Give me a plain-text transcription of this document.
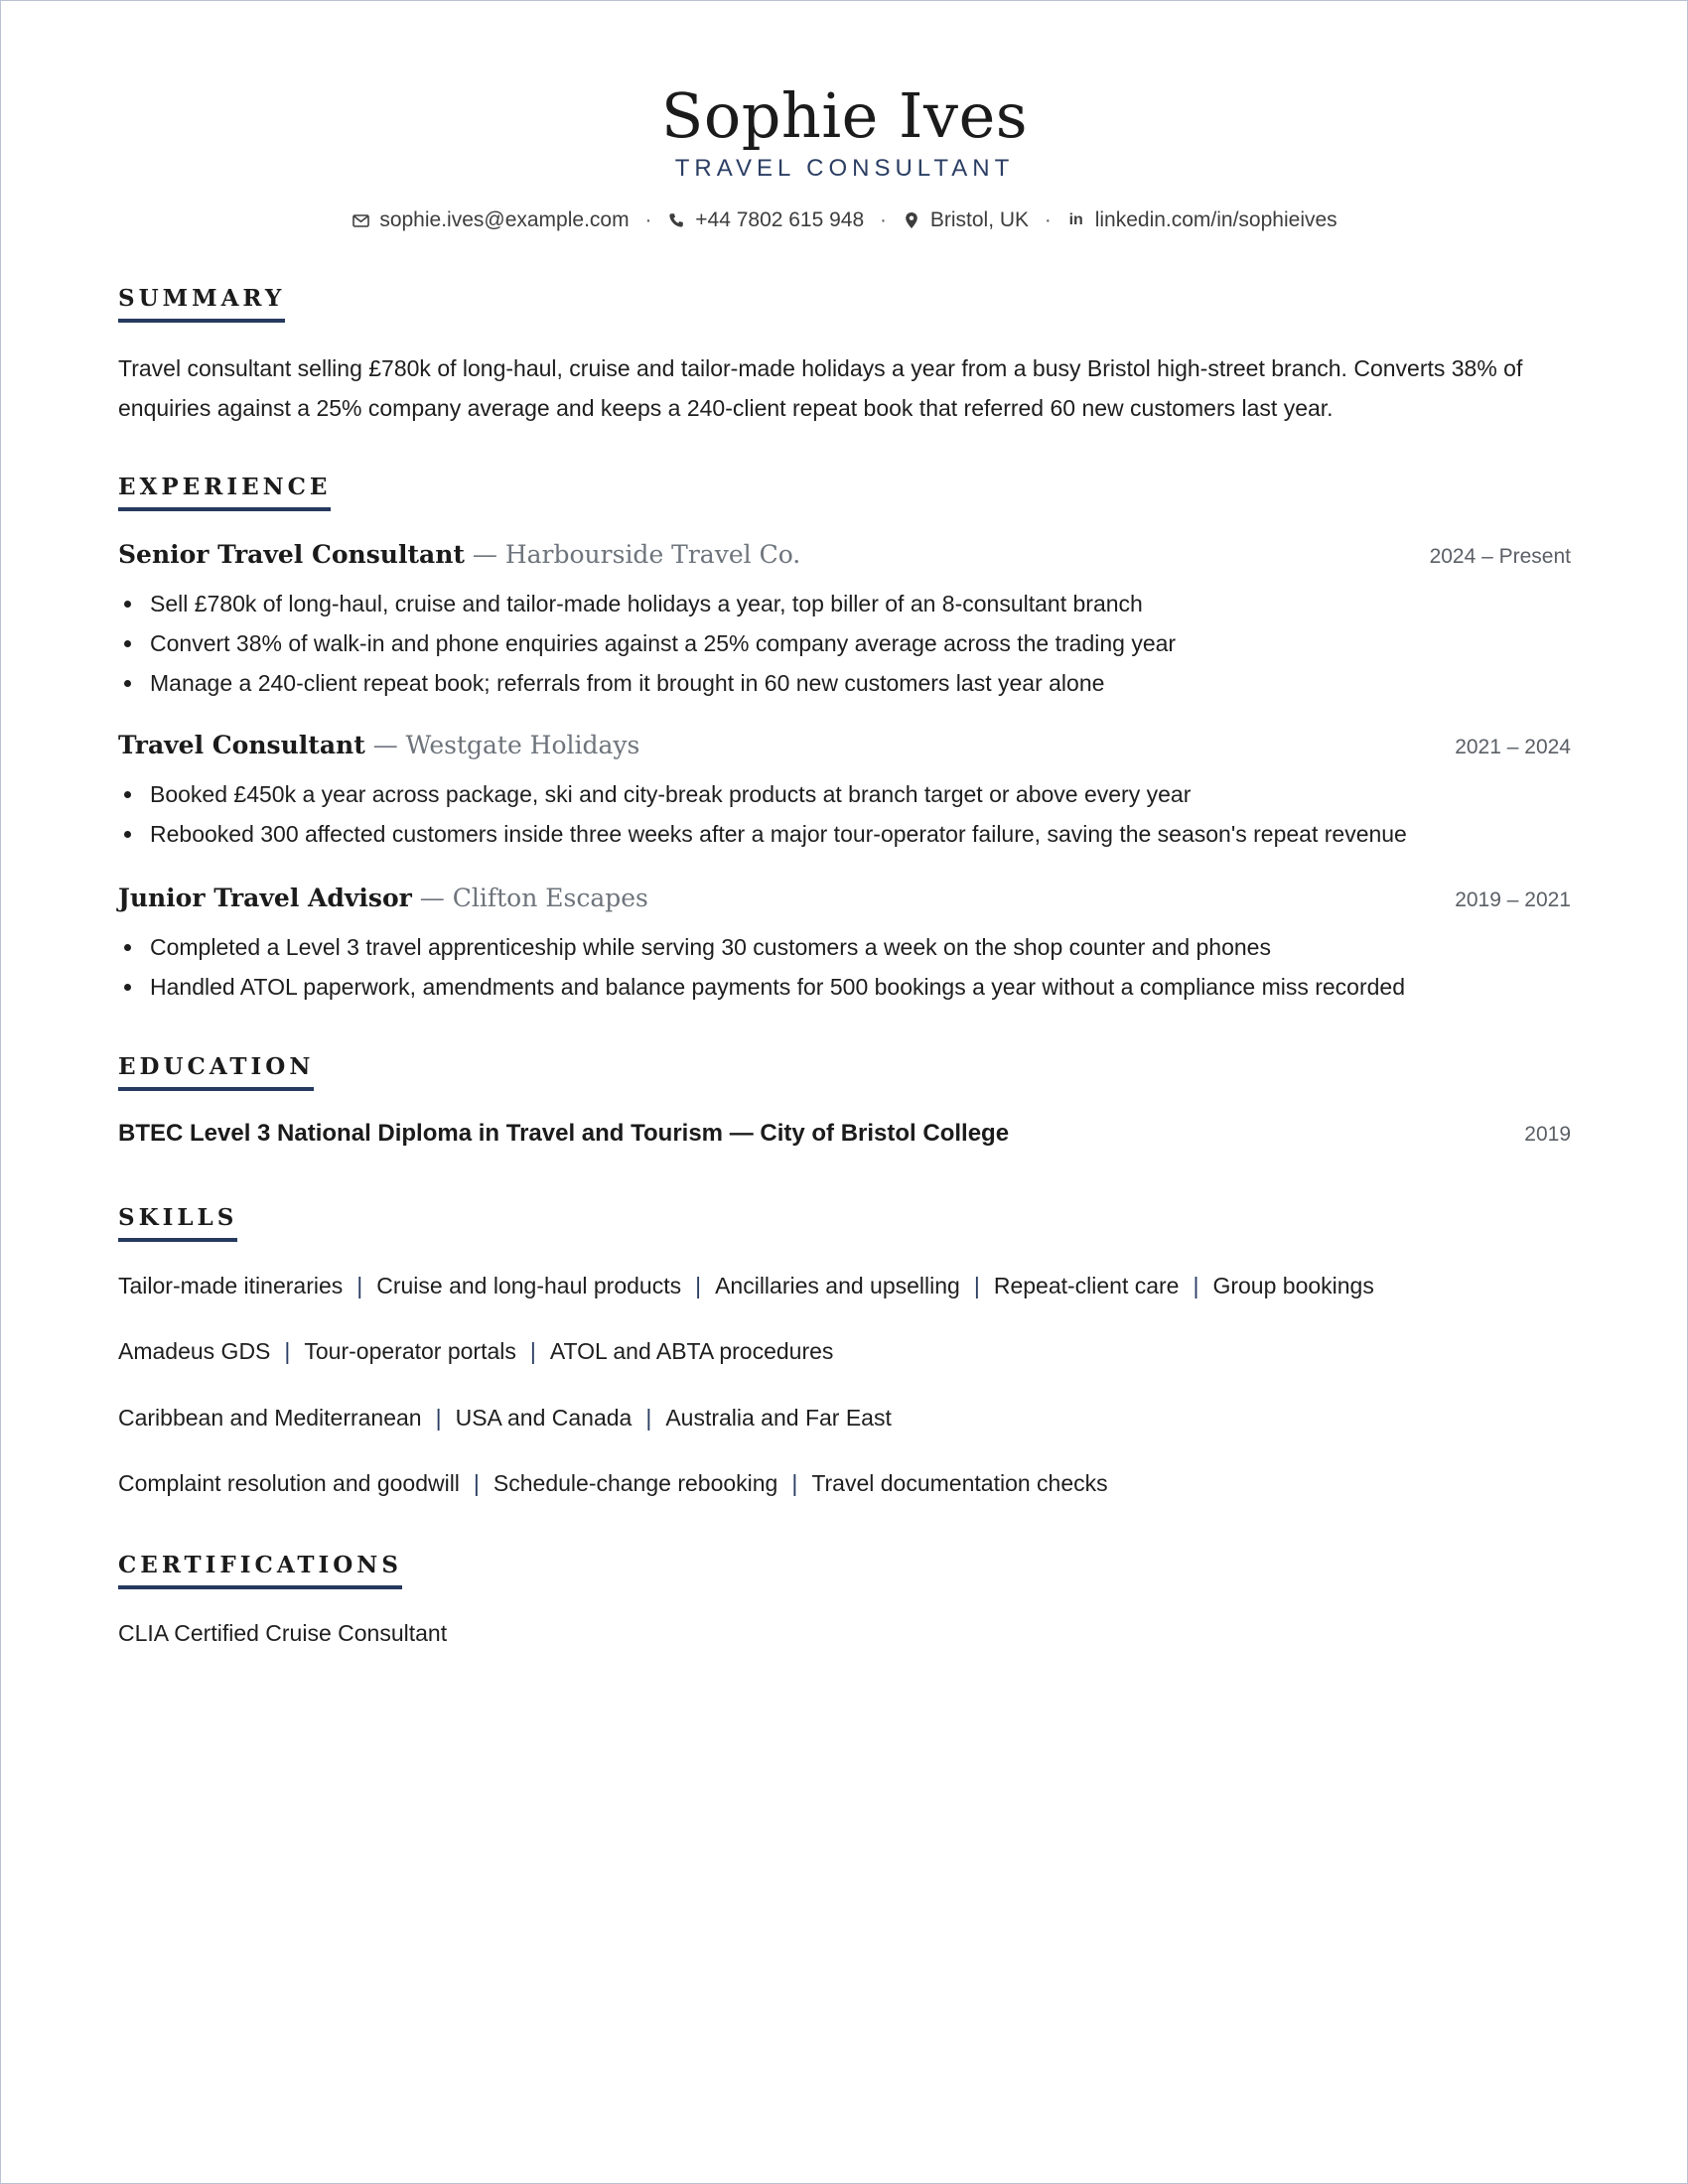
Sophie Ives
TRAVEL CONSULTANT
sophie.ives@example.com · +44 7802 615 948 · Bristol, UK · in linkedin.com/in/sophieives
SUMMARY
Travel consultant selling £780k of long-haul, cruise and tailor-made holidays a year from a busy Bristol high-street branch. Converts 38% of enquiries against a 25% company average and keeps a 240-client repeat book that referred 60 new customers last year.
EXPERIENCE
Senior Travel Consultant — Harbourside Travel Co.	2024 – Present
Sell £780k of long-haul, cruise and tailor-made holidays a year, top biller of an 8-consultant branch
Convert 38% of walk-in and phone enquiries against a 25% company average across the trading year
Manage a 240-client repeat book; referrals from it brought in 60 new customers last year alone
Travel Consultant — Westgate Holidays	2021 – 2024
Booked £450k a year across package, ski and city-break products at branch target or above every year
Rebooked 300 affected customers inside three weeks after a major tour-operator failure, saving the season's repeat revenue
Junior Travel Advisor — Clifton Escapes	2019 – 2021
Completed a Level 3 travel apprenticeship while serving 30 customers a week on the shop counter and phones
Handled ATOL paperwork, amendments and balance payments for 500 bookings a year without a compliance miss recorded
EDUCATION
BTEC Level 3 National Diploma in Travel and Tourism — City of Bristol College	2019
SKILLS
Tailor-made itineraries | Cruise and long-haul products | Ancillaries and upselling | Repeat-client care | Group bookings
Amadeus GDS | Tour-operator portals | ATOL and ABTA procedures
Caribbean and Mediterranean | USA and Canada | Australia and Far East
Complaint resolution and goodwill | Schedule-change rebooking | Travel documentation checks
CERTIFICATIONS
CLIA Certified Cruise Consultant
